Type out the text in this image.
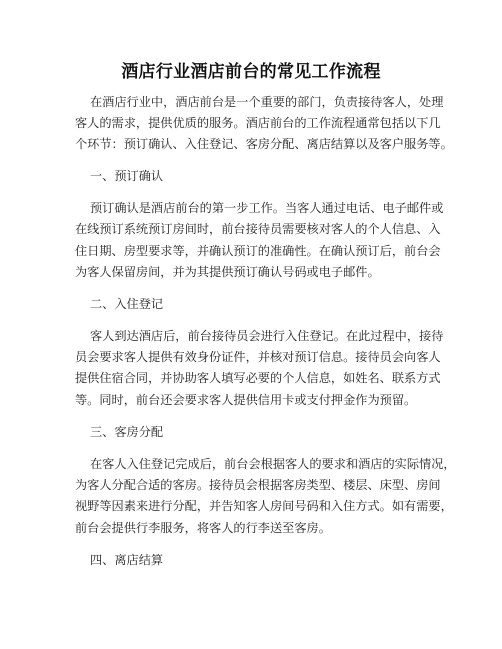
酒店行业酒店前台的常见工作流程
在酒店行业中，酒店前台是一个重要的部门，负责接待客人，处理
客人的需求，提供优质的服务。酒店前台的工作流程通常包括以下几
个环节：预订确认、入住登记、客房分配、离店结算以及客户服务等。
一、预订确认
预订确认是酒店前台的第一步工作。当客人通过电话、电子邮件或
在线预订系统预订房间时，前台接待员需要核对客人的个人信息、入
住日期、房型要求等，并确认预订的准确性。在确认预订后，前台会
为客人保留房间，并为其提供预订确认号码或电子邮件。
二、入住登记
客人到达酒店后，前台接待员会进行入住登记。在此过程中，接待
员会要求客人提供有效身份证件，并核对预订信息。接待员会向客人
提供住宿合同，并协助客人填写必要的个人信息，如姓名、联系方式
等。同时，前台还会要求客人提供信用卡或支付押金作为预留。
三、客房分配
在客人入住登记完成后，前台会根据客人的要求和酒店的实际情况，
为客人分配合适的客房。接待员会根据客房类型、楼层、床型、房间
视野等因素来进行分配，并告知客人房间号码和入住方式。如有需要，
前台会提供行李服务，将客人的行李送至客房。
四、离店结算
